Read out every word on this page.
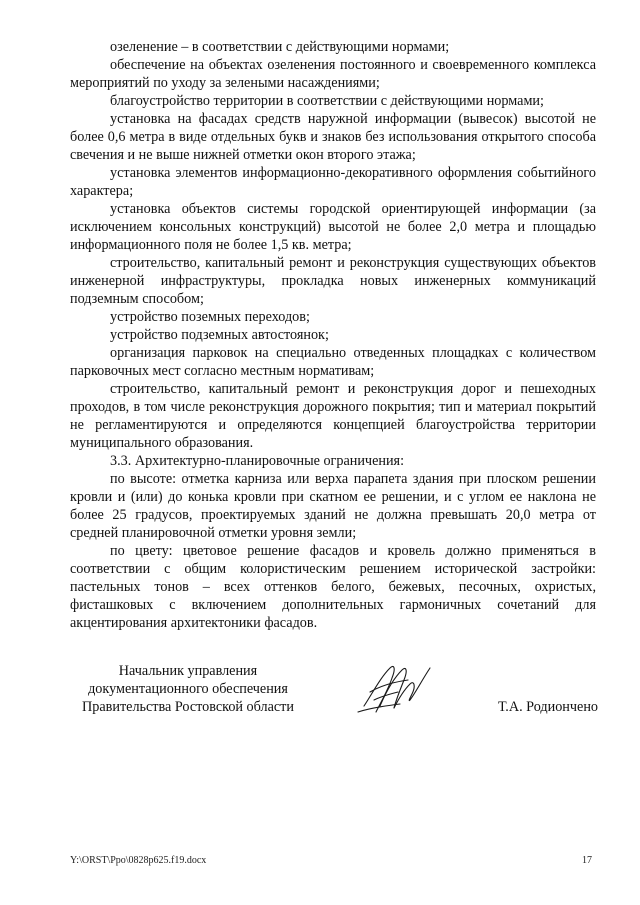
озеленение – в соответствии с действующими нормами;

обеспечение на объектах озеленения постоянного и своевременного комплекса мероприятий по уходу за зелеными насаждениями;

благоустройство территории в соответствии с действующими нормами;

установка на фасадах средств наружной информации (вывесок) высотой не более 0,6 метра в виде отдельных букв и знаков без использования открытого способа свечения и не выше нижней отметки окон второго этажа;

установка элементов информационно-декоративного оформления событийного характера;

установка объектов системы городской ориентирующей информации (за исключением консольных конструкций) высотой не более 2,0 метра и площадью информационного поля не более 1,5 кв. метра;

строительство, капитальный ремонт и реконструкция существующих объектов инженерной инфраструктуры, прокладка новых инженерных коммуникаций подземным способом;

устройство поземных переходов;

устройство подземных автостоянок;

организация парковок на специально отведенных площадках с количеством парковочных мест согласно местным нормативам;

строительство, капитальный ремонт и реконструкция дорог и пешеходных проходов, в том числе реконструкция дорожного покрытия; тип и материал покрытий не регламентируются и определяются концепцией благоустройства территории муниципального образования.

3.3. Архитектурно-планировочные ограничения:

по высоте: отметка карниза или верха парапета здания при плоском решении кровли и (или) до конька кровли при скатном ее решении, и с углом ее наклона не более 25 градусов, проектируемых зданий не должна превышать 20,0 метра от средней планировочной отметки уровня земли;

по цвету: цветовое решение фасадов и кровель должно применяться в соответствии с общим колористическим решением исторической застройки: пастельных тонов – всех оттенков белого, бежевых, песочных, охристых, фисташковых с включением дополнительных гармоничных сочетаний для акцентирования архитектоники фасадов.

Начальник управления
документационного обеспечения
Правительства Ростовской области	Т.А. Родиончено
Y:\ORST\Ppo\0828p625.f19.docx	17
